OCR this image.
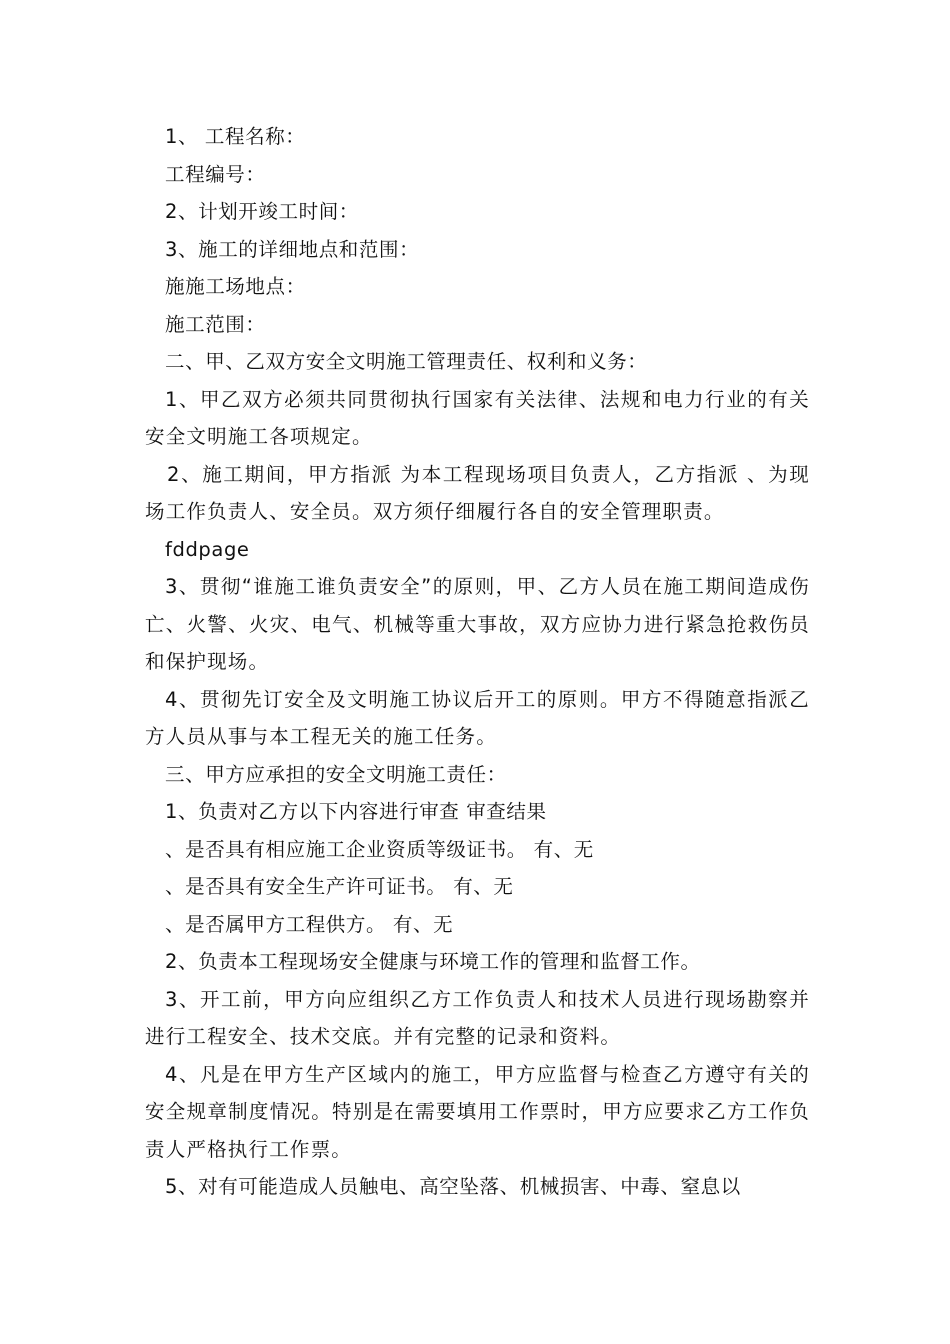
1、 工程名称：
工程编号：
2、计划开竣工时间：
3、施工的详细地点和范围：
施施工场地点：
施工范围：
二、甲、乙双方安全文明施工管理责任、权利和义务：
1、甲乙双方必须共同贯彻执行国家有关法律、法规和电力行业的有关安全文明施工各项规定。
2、施工期间，甲方指派 为本工程现场项目负责人，乙方指派 、为现场工作负责人、安全员。双方须仔细履行各自的安全管理职责。
fddpage
3、贯彻“谁施工谁负责安全”的原则，甲、乙方人员在施工期间造成伤亡、火警、火灾、电气、机械等重大事故，双方应协力进行紧急抢救伤员和保护现场。
4、贯彻先订安全及文明施工协议后开工的原则。甲方不得随意指派乙方人员从事与本工程无关的施工任务。
三、甲方应承担的安全文明施工责任：
1、负责对乙方以下内容进行审查 审查结果
、是否具有相应施工企业资质等级证书。 有、无
、是否具有安全生产许可证书。 有、无
、是否属甲方工程供方。 有、无
2、负责本工程现场安全健康与环境工作的管理和监督工作。
3、开工前，甲方向应组织乙方工作负责人和技术人员进行现场勘察并进行工程安全、技术交底。并有完整的记录和资料。
4、凡是在甲方生产区域内的施工，甲方应监督与检查乙方遵守有关的安全规章制度情况。特别是在需要填用工作票时，甲方应要求乙方工作负责人严格执行工作票。
5、对有可能造成人员触电、高空坠落、机械损害、中毒、窒息以
